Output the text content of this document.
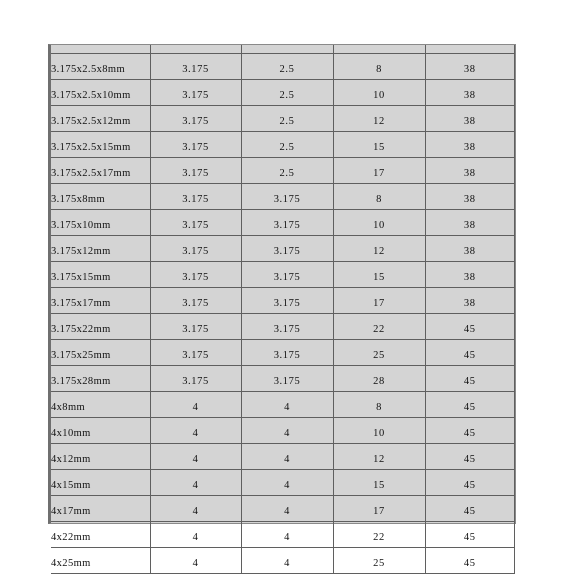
3.175x2.5x8mm	3.175	2.5	8	38
3.175x2.5x10mm	3.175	2.5	10	38
3.175x2.5x12mm	3.175	2.5	12	38
3.175x2.5x15mm	3.175	2.5	15	38
3.175x2.5x17mm	3.175	2.5	17	38
3.175x8mm	3.175	3.175	8	38
3.175x10mm	3.175	3.175	10	38
3.175x12mm	3.175	3.175	12	38
3.175x15mm	3.175	3.175	15	38
3.175x17mm	3.175	3.175	17	38
3.175x22mm	3.175	3.175	22	45
3.175x25mm	3.175	3.175	25	45
3.175x28mm	3.175	3.175	28	45
4x8mm	4	4	8	45
4x10mm	4	4	10	45
4x12mm	4	4	12	45
4x15mm	4	4	15	45
4x17mm	4	4	17	45
4x22mm	4	4	22	45
4x25mm	4	4	25	45
